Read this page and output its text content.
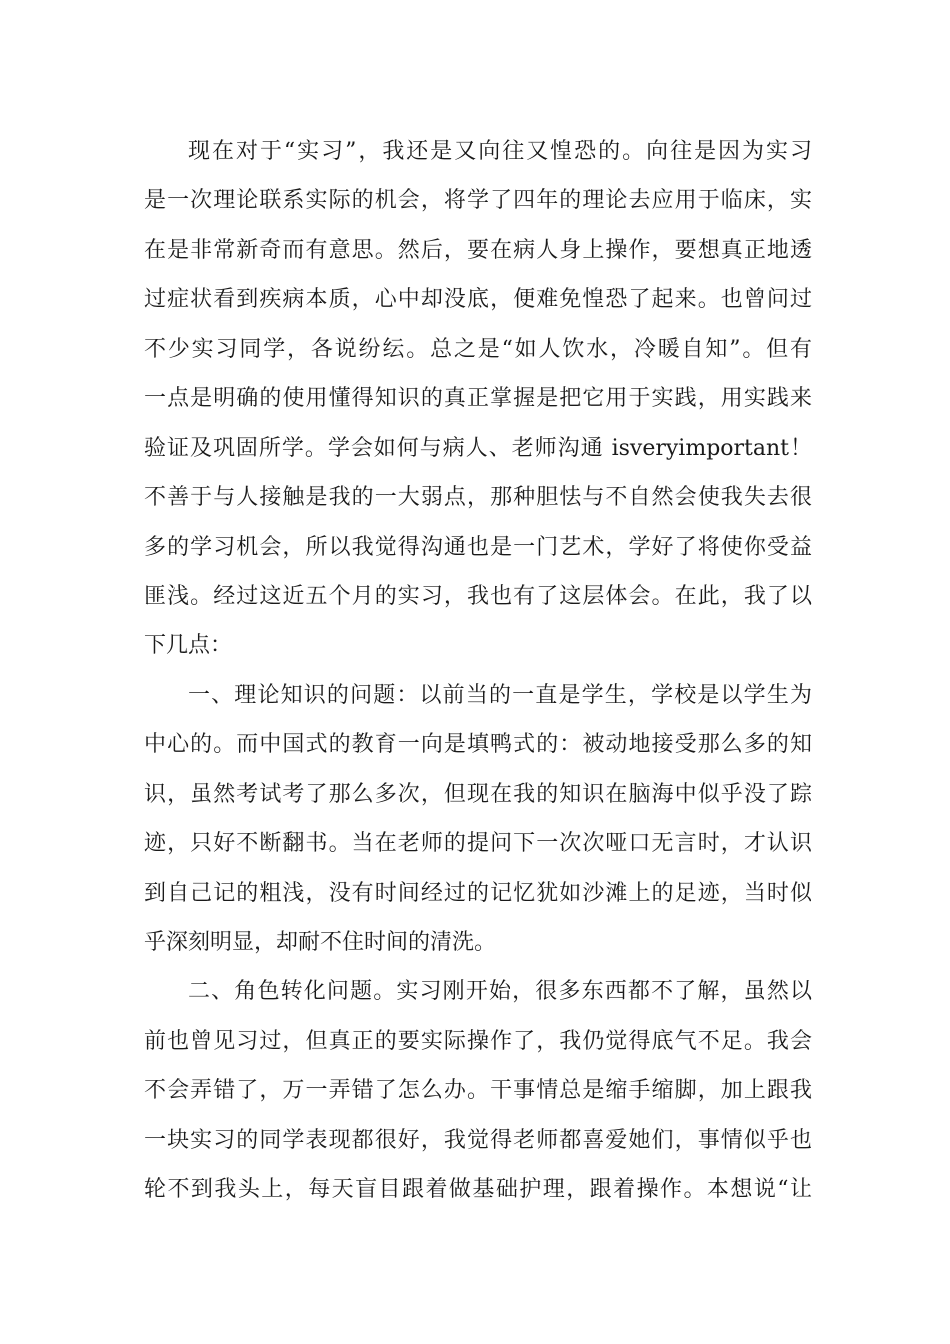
现在对于“实习”，我还是又向往又惶恐的。向往是因为实习
是一次理论联系实际的机会，将学了四年的理论去应用于临床，实
在是非常新奇而有意思。然后，要在病人身上操作，要想真正地透
过症状看到疾病本质，心中却没底，便难免惶恐了起来。也曾问过
不少实习同学，各说纷纭。总之是“如人饮水，冷暖自知”。但有
一点是明确的使用懂得知识的真正掌握是把它用于实践，用实践来
验证及巩固所学。学会如何与病人、老师沟通 isveryimportant！
不善于与人接触是我的一大弱点，那种胆怯与不自然会使我失去很
多的学习机会，所以我觉得沟通也是一门艺术，学好了将使你受益
匪浅。经过这近五个月的实习，我也有了这层体会。在此，我了以
下几点：
一、理论知识的问题：以前当的一直是学生，学校是以学生为
中心的。而中国式的教育一向是填鸭式的：被动地接受那么多的知
识，虽然考试考了那么多次，但现在我的知识在脑海中似乎没了踪
迹，只好不断翻书。当在老师的提问下一次次哑口无言时，才认识
到自己记的粗浅，没有时间经过的记忆犹如沙滩上的足迹，当时似
乎深刻明显，却耐不住时间的清洗。
二、角色转化问题。实习刚开始，很多东西都不了解，虽然以
前也曾见习过，但真正的要实际操作了，我仍觉得底气不足。我会
不会弄错了，万一弄错了怎么办。干事情总是缩手缩脚，加上跟我
一块实习的同学表现都很好，我觉得老师都喜爱她们，事情似乎也
轮不到我头上，每天盲目跟着做基础护理，跟着操作。本想说“让
